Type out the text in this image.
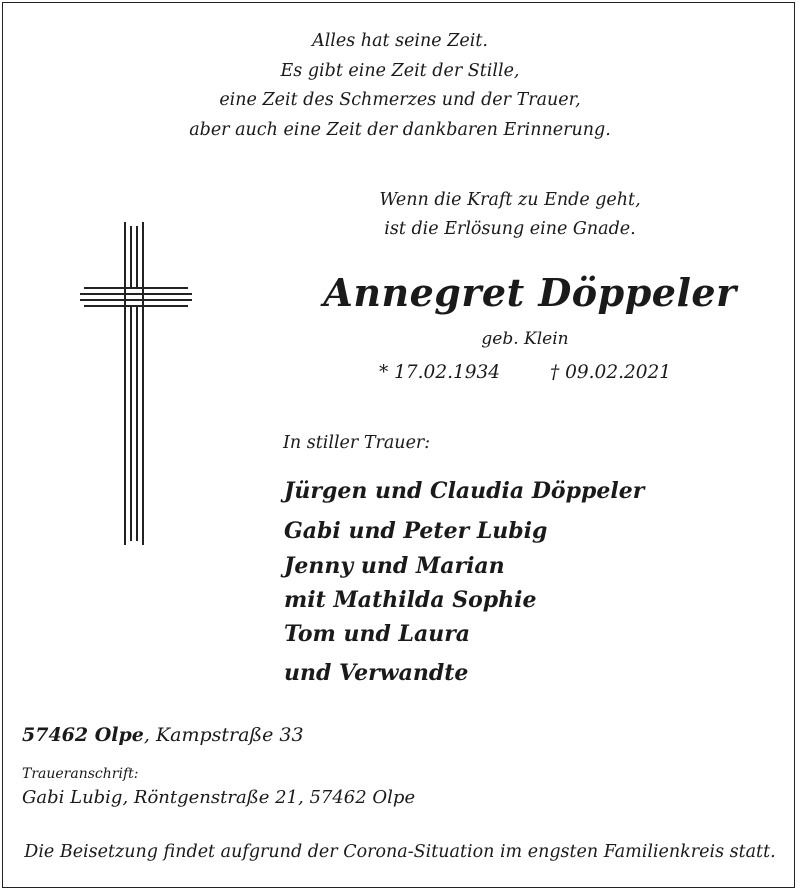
Alles hat seine Zeit.
Es gibt eine Zeit der Stille,
eine Zeit des Schmerzes und der Trauer,
aber auch eine Zeit der dankbaren Erinnerung.
Wenn die Kraft zu Ende geht,
ist die Erlösung eine Gnade.
Annegret Döppeler
geb. Klein
* 17.02.1934	† 09.02.2021
In stiller Trauer:
Jürgen und Claudia Döppeler
Gabi und Peter Lubig
Jenny und Marian
mit Mathilda Sophie
Tom und Laura
und Verwandte
57462 Olpe, Kampstraße 33
Traueranschrift:
Gabi Lubig, Röntgenstraße 21, 57462 Olpe
Die Beisetzung findet aufgrund der Corona-Situation im engsten Familienkreis statt.
